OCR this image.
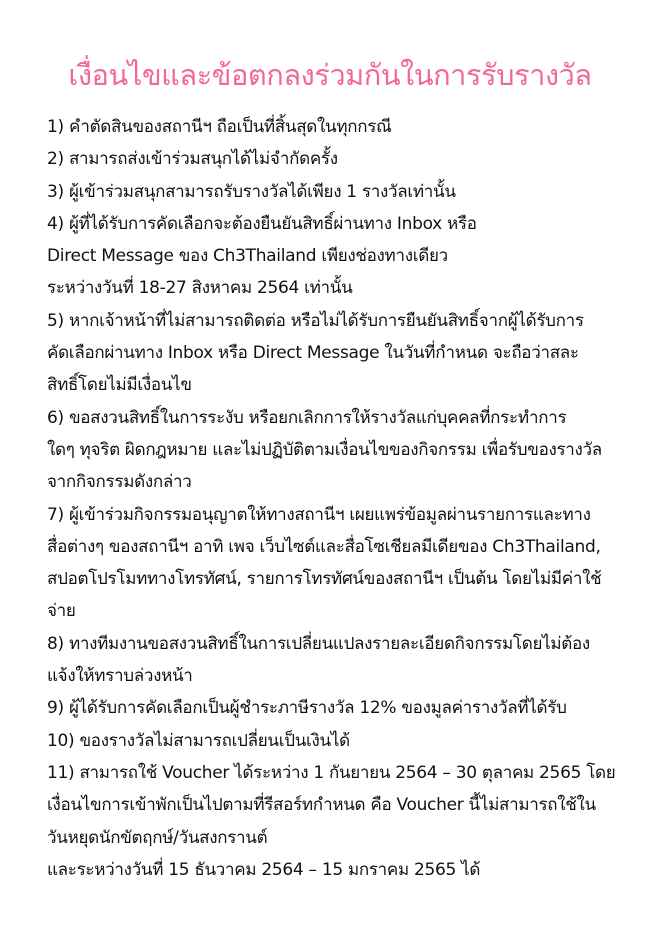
เงื่อนไขและข้อตกลงร่วมกันในการรับรางวัล
1) คำตัดสินของสถานีฯ ถือเป็นที่สิ้นสุดในทุกกรณี
2) สามารถส่งเข้าร่วมสนุกได้ไม่จำกัดครั้ง
3) ผู้เข้าร่วมสนุกสามารถรับรางวัลได้เพียง 1 รางวัลเท่านั้น
4) ผู้ที่ได้รับการคัดเลือกจะต้องยืนยันสิทธิ์ผ่านทาง Inbox หรือ
Direct Message ของ Ch3Thailand เพียงช่องทางเดียว
ระหว่างวันที่ 18-27 สิงหาคม 2564 เท่านั้น
5) หากเจ้าหน้าที่ไม่สามารถติดต่อ หรือไม่ได้รับการยืนยันสิทธิ์จากผู้ได้รับการ
คัดเลือกผ่านทาง Inbox หรือ Direct Message ในวันที่กำหนด จะถือว่าสละ
สิทธิ์โดยไม่มีเงื่อนไข
6) ขอสงวนสิทธิ์ในการระงับ หรือยกเลิกการให้รางวัลแก่บุคคลที่กระทำการ
ใดๆ ทุจริต ผิดกฎหมาย และไม่ปฏิบัติตามเงื่อนไขของกิจกรรม เพื่อรับของรางวัล
จากกิจกรรมดังกล่าว
7) ผู้เข้าร่วมกิจกรรมอนุญาตให้ทางสถานีฯ เผยแพร่ข้อมูลผ่านรายการและทาง
สื่อต่างๆ ของสถานีฯ อาทิ เพจ เว็บไซต์และสื่อโซเชียลมีเดียของ Ch3Thailand,
สปอตโปรโมททางโทรทัศน์, รายการโทรทัศน์ของสถานีฯ เป็นต้น โดยไม่มีค่าใช้
จ่าย
8) ทางทีมงานขอสงวนสิทธิ์ในการเปลี่ยนแปลงรายละเอียดกิจกรรมโดยไม่ต้อง
แจ้งให้ทราบล่วงหน้า
9) ผู้ได้รับการคัดเลือกเป็นผู้ชำระภาษีรางวัล 12% ของมูลค่ารางวัลที่ได้รับ
10) ของรางวัลไม่สามารถเปลี่ยนเป็นเงินได้
11) สามารถใช้ Voucher ได้ระหว่าง 1 กันยายน 2564 – 30 ตุลาคม 2565 โดย
เงื่อนไขการเข้าพักเป็นไปตามที่รีสอร์ทกำหนด คือ Voucher นี้ไม่สามารถใช้ใน
วันหยุดนักขัตฤกษ์/วันสงกรานต์
และระหว่างวันที่ 15 ธันวาคม 2564 – 15 มกราคม 2565 ได้
